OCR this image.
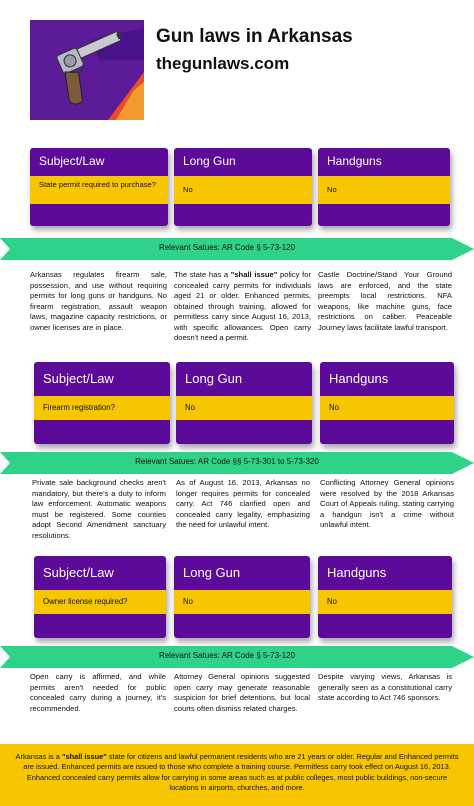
Gun laws in Arkansas
thegunlaws.com
Subject/Law
State permit required to purchase?
Long Gun
No
Handguns
No
Relevant Satues: AR Code § 5-73-120
Arkansas regulates firearm sale, possession, and use without requiring permits for long guns or handguns. No firearm registration, assault weapon laws, magazine capacity restrictions, or owner licenses are in place.
The state has a "shall issue" policy for concealed carry permits for individuals aged 21 or older. Enhanced permits, obtained through training, allowed for permitless carry since August 16, 2013, with specific allowances. Open carry doesn't need a permit.
Castle Doctrine/Stand Your Ground laws are enforced, and the state preempts local restrictions. NFA weapons, like machine guns, face restrictions on caliber. Peaceable Journey laws facilitate lawful transport.
Subject/Law
Firearm registration?
Long Gun
No
Handguns
No
Relevant Satues: AR Code §§ 5-73-301 to 5-73-320
Private sale background checks aren't mandatory, but there's a duty to inform law enforcement. Automatic weapons must be registered. Some counties adopt Second Amendment sanctuary resolutions.
As of August 16, 2013, Arkansas no longer requires permits for concealed carry. Act 746 clarified open and concealed carry legality, emphasizing the need for unlawful intent.
Conflicting Attorney General opinions were resolved by the 2018 Arkansas Court of Appeals ruling, stating carrying a handgun isn't a crime without unlawful intent.
Subject/Law
Owner license required?
Long Gun
No
Handguns
No
Relevant Satues: AR Code § 5-73-120
Open carry is affirmed, and while permits aren't needed for public concealed carry during a journey, it's recommended.
Attorney General opinions suggested open carry may generate reasonable suspicion for brief detentions, but local courts often dismiss related charges.
Despite varying views, Arkansas is generally seen as a constitutional carry state according to Act 746 sponsors.
Arkansas is a "shall issue" state for citizens and lawful permanent residents who are 21 years or older. Regular and Enhanced permits are issued. Enhanced permits are issued to those who complete a training course. Permitless carry took effect on August 16, 2013. Enhanced concealed carry permits allow for carrying in some areas such as at public colleges, most public buildings, non-secure locations in airports, churches, and more.
